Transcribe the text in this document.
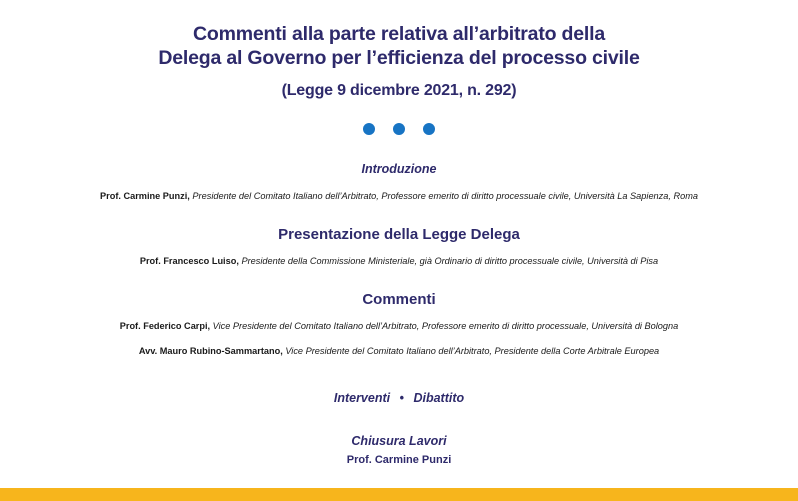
Commenti alla parte relativa all’arbitrato della
Delega al Governo per l’efficienza del processo civile
(Legge 9 dicembre 2021, n. 292)

Introduzione
Prof. Carmine Punzi, Presidente del Comitato Italiano dell’Arbitrato, Professore emerito di diritto processuale civile, Università La Sapienza, Roma
Presentazione della Legge Delega
Prof. Francesco Luiso, Presidente della Commissione Ministeriale, già Ordinario di diritto processuale civile, Università di Pisa
Commenti
Prof. Federico Carpi, Vice Presidente del Comitato Italiano dell’Arbitrato, Professore emerito di diritto processuale, Università di Bologna
Avv. Mauro Rubino-Sammartano, Vice Presidente del Comitato Italiano dell’Arbitrato, Presidente della Corte Arbitrale Europea
Interventi • Dibattito
Chiusura Lavori
Prof. Carmine Punzi
